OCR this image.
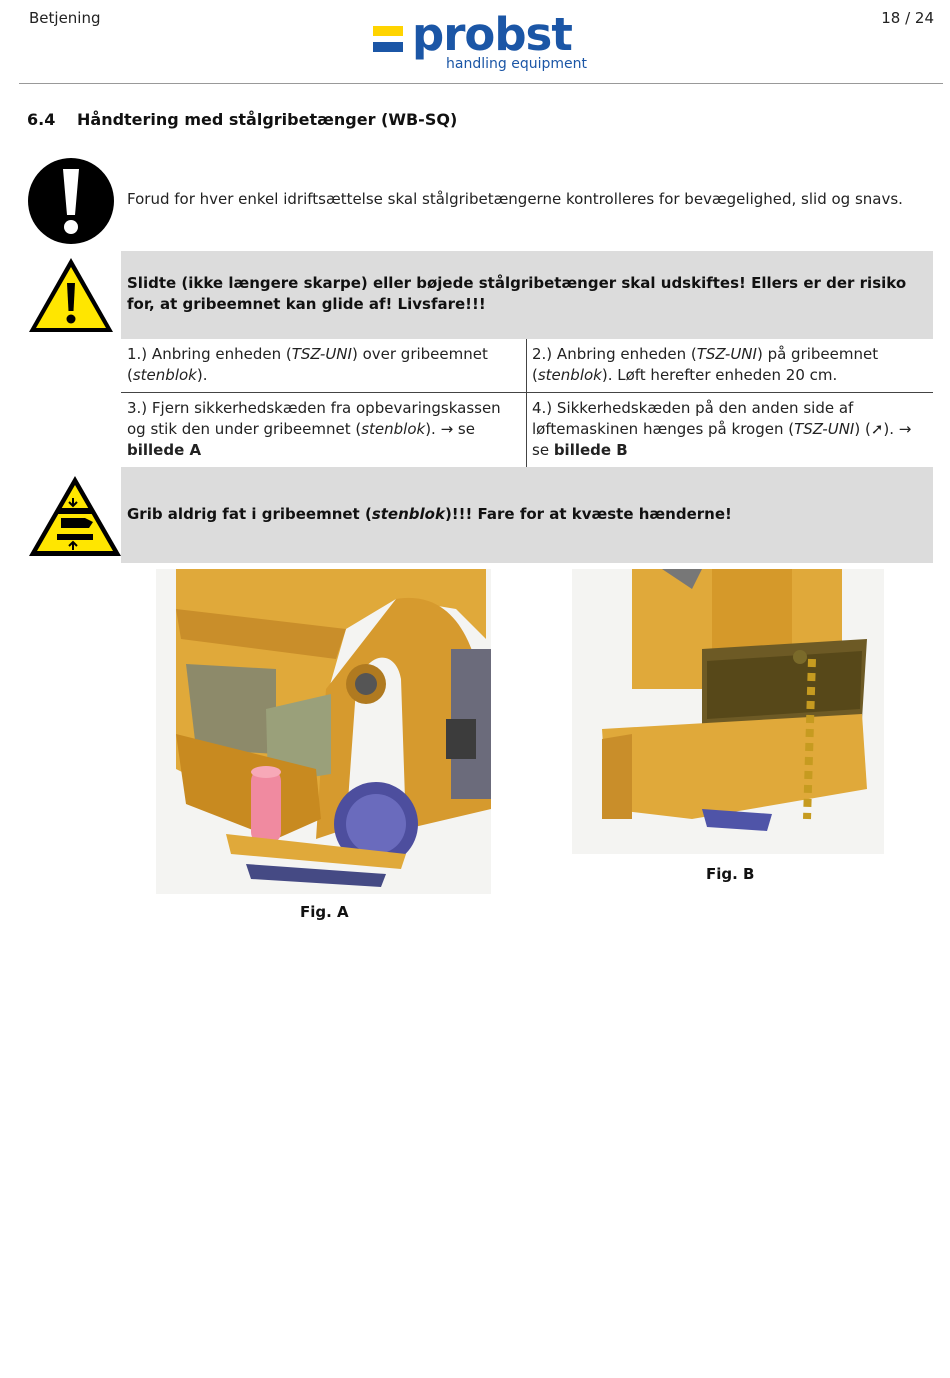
Betjening	probst
handling equipment
18 / 24
6.4 Håndtering med stålgribetænger (WB-SQ)
Forud for hver enkel idriftsættelse skal stålgribetængerne kontrolleres for bevægelighed, slid og snavs.
Slidte (ikke længere skarpe) eller bøjede stålgribetænger skal udskiftes! Ellers er der risiko for, at gribeemnet kan glide af! Livsfare!!!
1.) Anbring enheden (TSZ-UNI) over gribeemnet (stenblok).
2.) Anbring enheden (TSZ-UNI) på gribeemnet (stenblok). Løft herefter enheden 20 cm.
3.) Fjern sikkerhedskæden fra opbevaringskassen og stik den under gribeemnet (stenblok). → se billede A
4.) Sikkerhedskæden på den anden side af løftemaskinen hænges på krogen (TSZ-UNI) (➚). → se billede B
Grib aldrig fat i gribeemnet (stenblok)!!! Fare for at kvæste hænderne!
Fig. A
Fig. B
